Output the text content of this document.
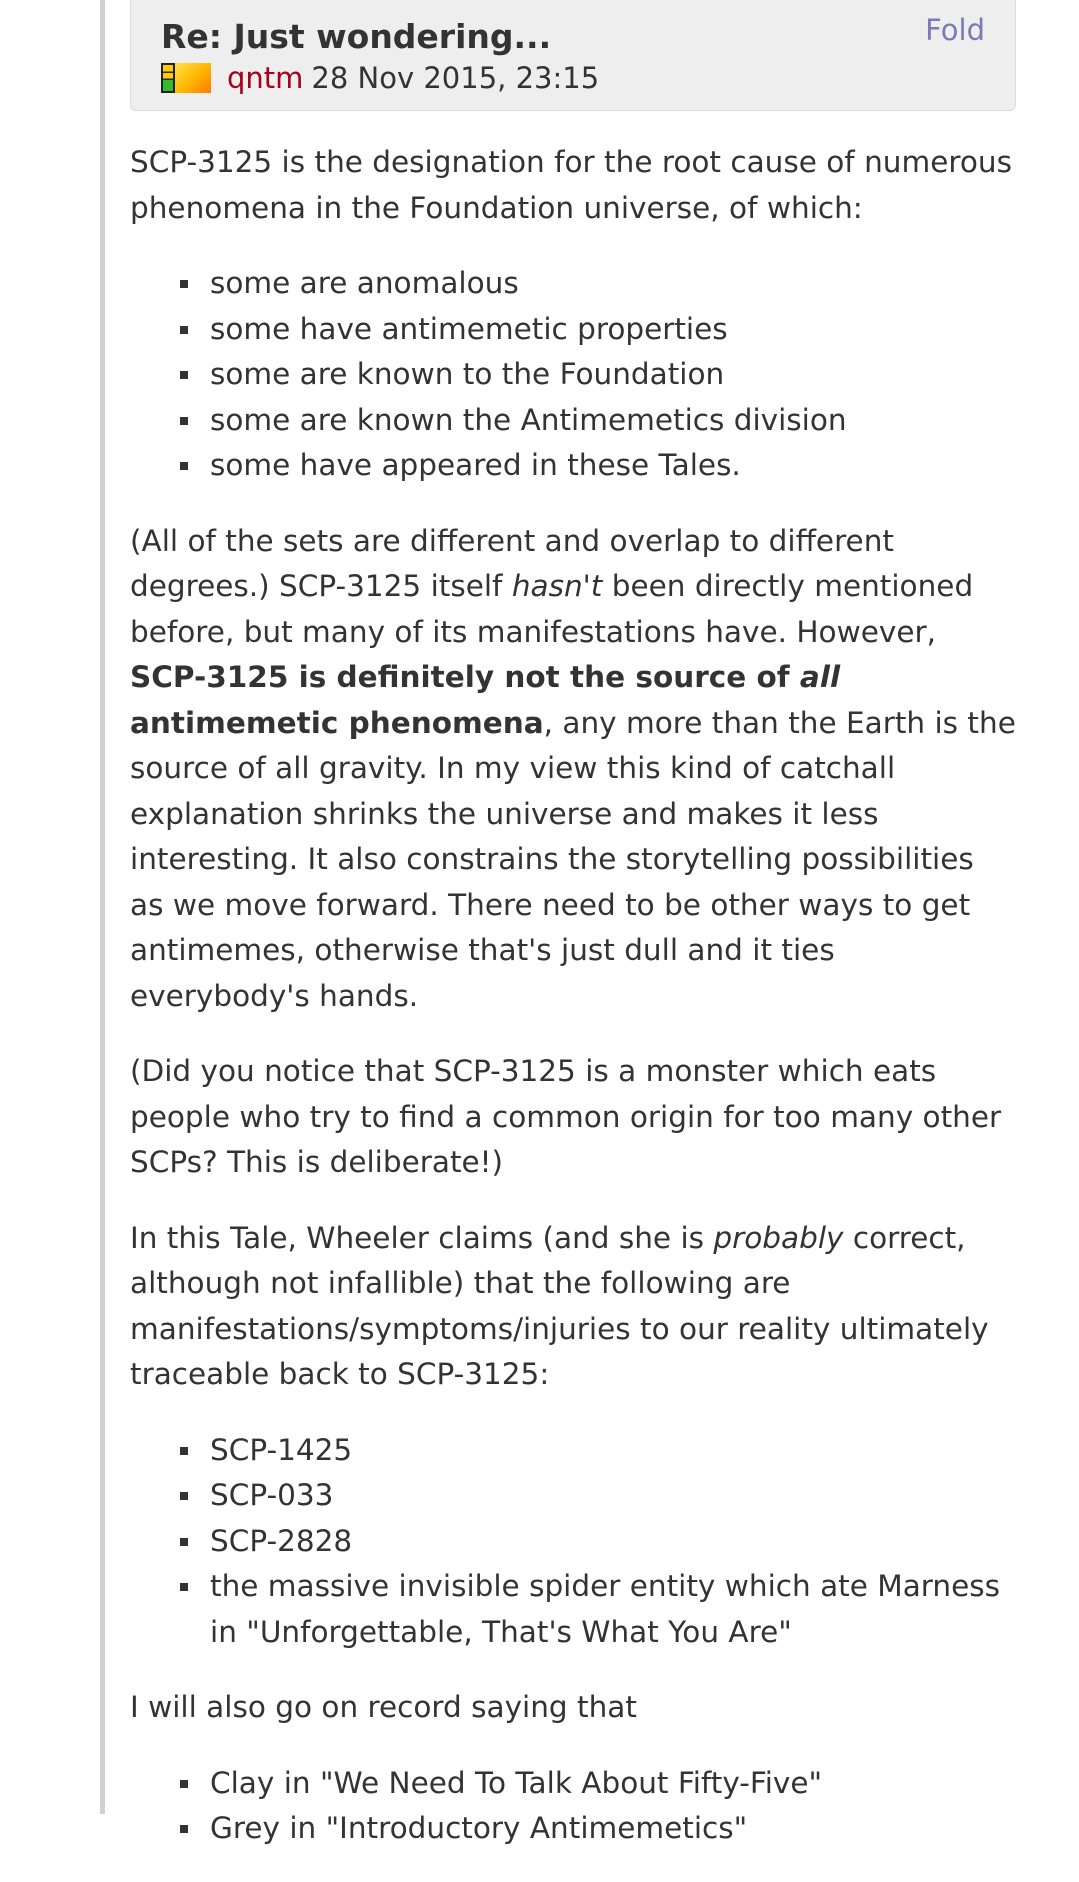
Re: Just wondering...	Fold
qntm 28 Nov 2015, 23:15

SCP-3125 is the designation for the root cause of numerous phenomena in the Foundation universe, of which:

some are anomalous
some have antimemetic properties
some are known to the Foundation
some are known the Antimemetics division
some have appeared in these Tales.

(All of the sets are different and overlap to different degrees.) SCP-3125 itself hasn't been directly mentioned before, but many of its manifestations have. However, SCP-3125 is definitely not the source of all antimemetic phenomena, any more than the Earth is the source of all gravity. In my view this kind of catchall explanation shrinks the universe and makes it less interesting. It also constrains the storytelling possibilities as we move forward. There need to be other ways to get antimemes, otherwise that's just dull and it ties everybody's hands.

(Did you notice that SCP-3125 is a monster which eats people who try to find a common origin for too many other SCPs? This is deliberate!)

In this Tale, Wheeler claims (and she is probably correct, although not infallible) that the following are manifestations/symptoms/injuries to our reality ultimately traceable back to SCP-3125:

SCP-1425
SCP-033
SCP-2828
the massive invisible spider entity which ate Marness in "Unforgettable, That's What You Are"

I will also go on record saying that

Clay in "We Need To Talk About Fifty-Five"
Grey in "Introductory Antimemetics"
